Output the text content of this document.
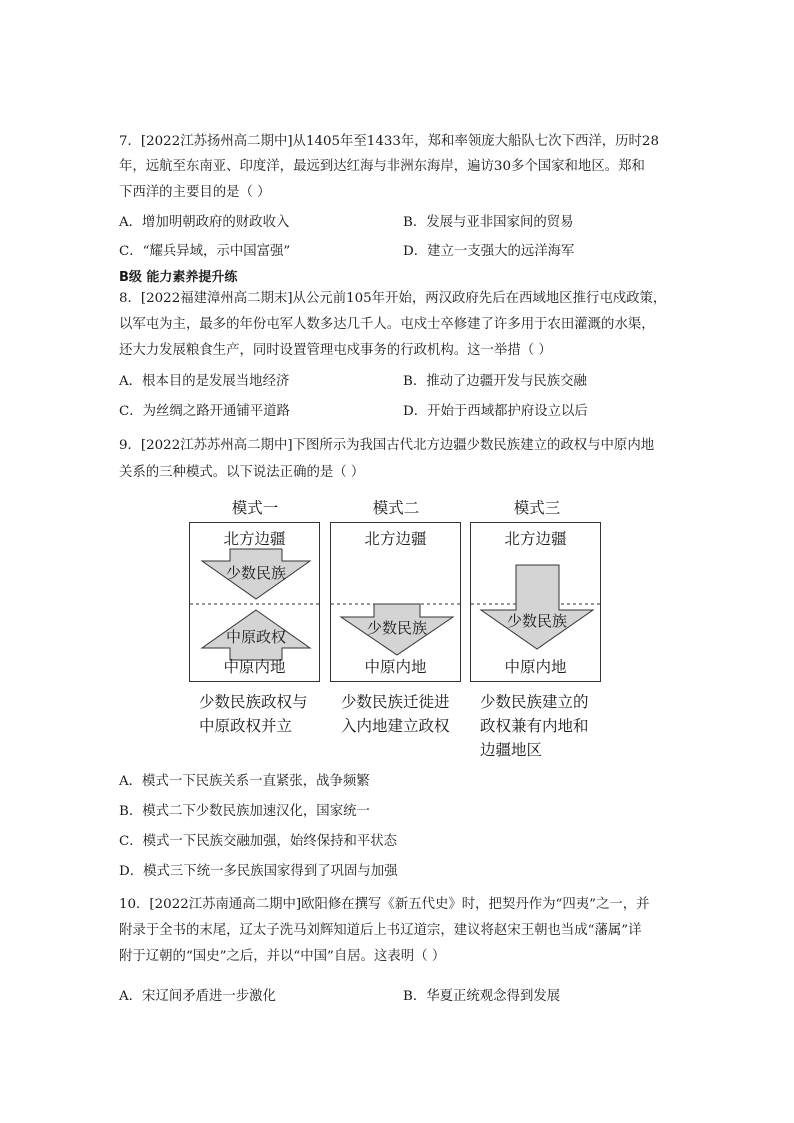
7．[2022江苏扬州高二期中]从1405年至1433年，郑和率领庞大船队七次下西洋，历时28
年，远航至东南亚、印度洋，最远到达红海与非洲东海岸，遍访30多个国家和地区。郑和
下西洋的主要目的是（ ）
A．增加明朝政府的财政收入	B．发展与亚非国家间的贸易
C．“耀兵异域，示中国富强”	D．建立一支强大的远洋海军
B级 能力素养提升练
8．[2022福建漳州高二期末]从公元前105年开始，两汉政府先后在西域地区推行屯戍政策，
以军屯为主，最多的年份屯军人数多达几千人。屯戍士卒修建了许多用于农田灌溉的水渠，
还大力发展粮食生产，同时设置管理屯戍事务的行政机构。这一举措（ ）
A．根本目的是发展当地经济	B．推动了边疆开发与民族交融
C．为丝绸之路开通铺平道路	D．开始于西域都护府设立以后
9．[2022江苏苏州高二期中]下图所示为我国古代北方边疆少数民族建立的政权与中原内地
关系的三种模式。以下说法正确的是（ ）
模式一	模式二	模式三
北方边疆
少数民族
中原政权
中原内地
北方边疆
少数民族
中原内地
北方边疆
少数民族
中原内地
少数民族政权与
中原政权并立
少数民族迁徙进
入内地建立政权
少数民族建立的
政权兼有内地和
边疆地区
A．模式一下民族关系一直紧张，战争频繁
B．模式二下少数民族加速汉化，国家统一
C．模式一下民族交融加强，始终保持和平状态
D．模式三下统一多民族国家得到了巩固与加强
10．[2022江苏南通高二期中]欧阳修在撰写《新五代史》时，把契丹作为“四夷”之一，并
附录于全书的末尾，辽太子洗马刘辉知道后上书辽道宗，建议将赵宋王朝也当成“藩属”详
附于辽朝的“国史”之后，并以“中国”自居。这表明（ ）
A．宋辽间矛盾进一步激化	B．华夏正统观念得到发展
